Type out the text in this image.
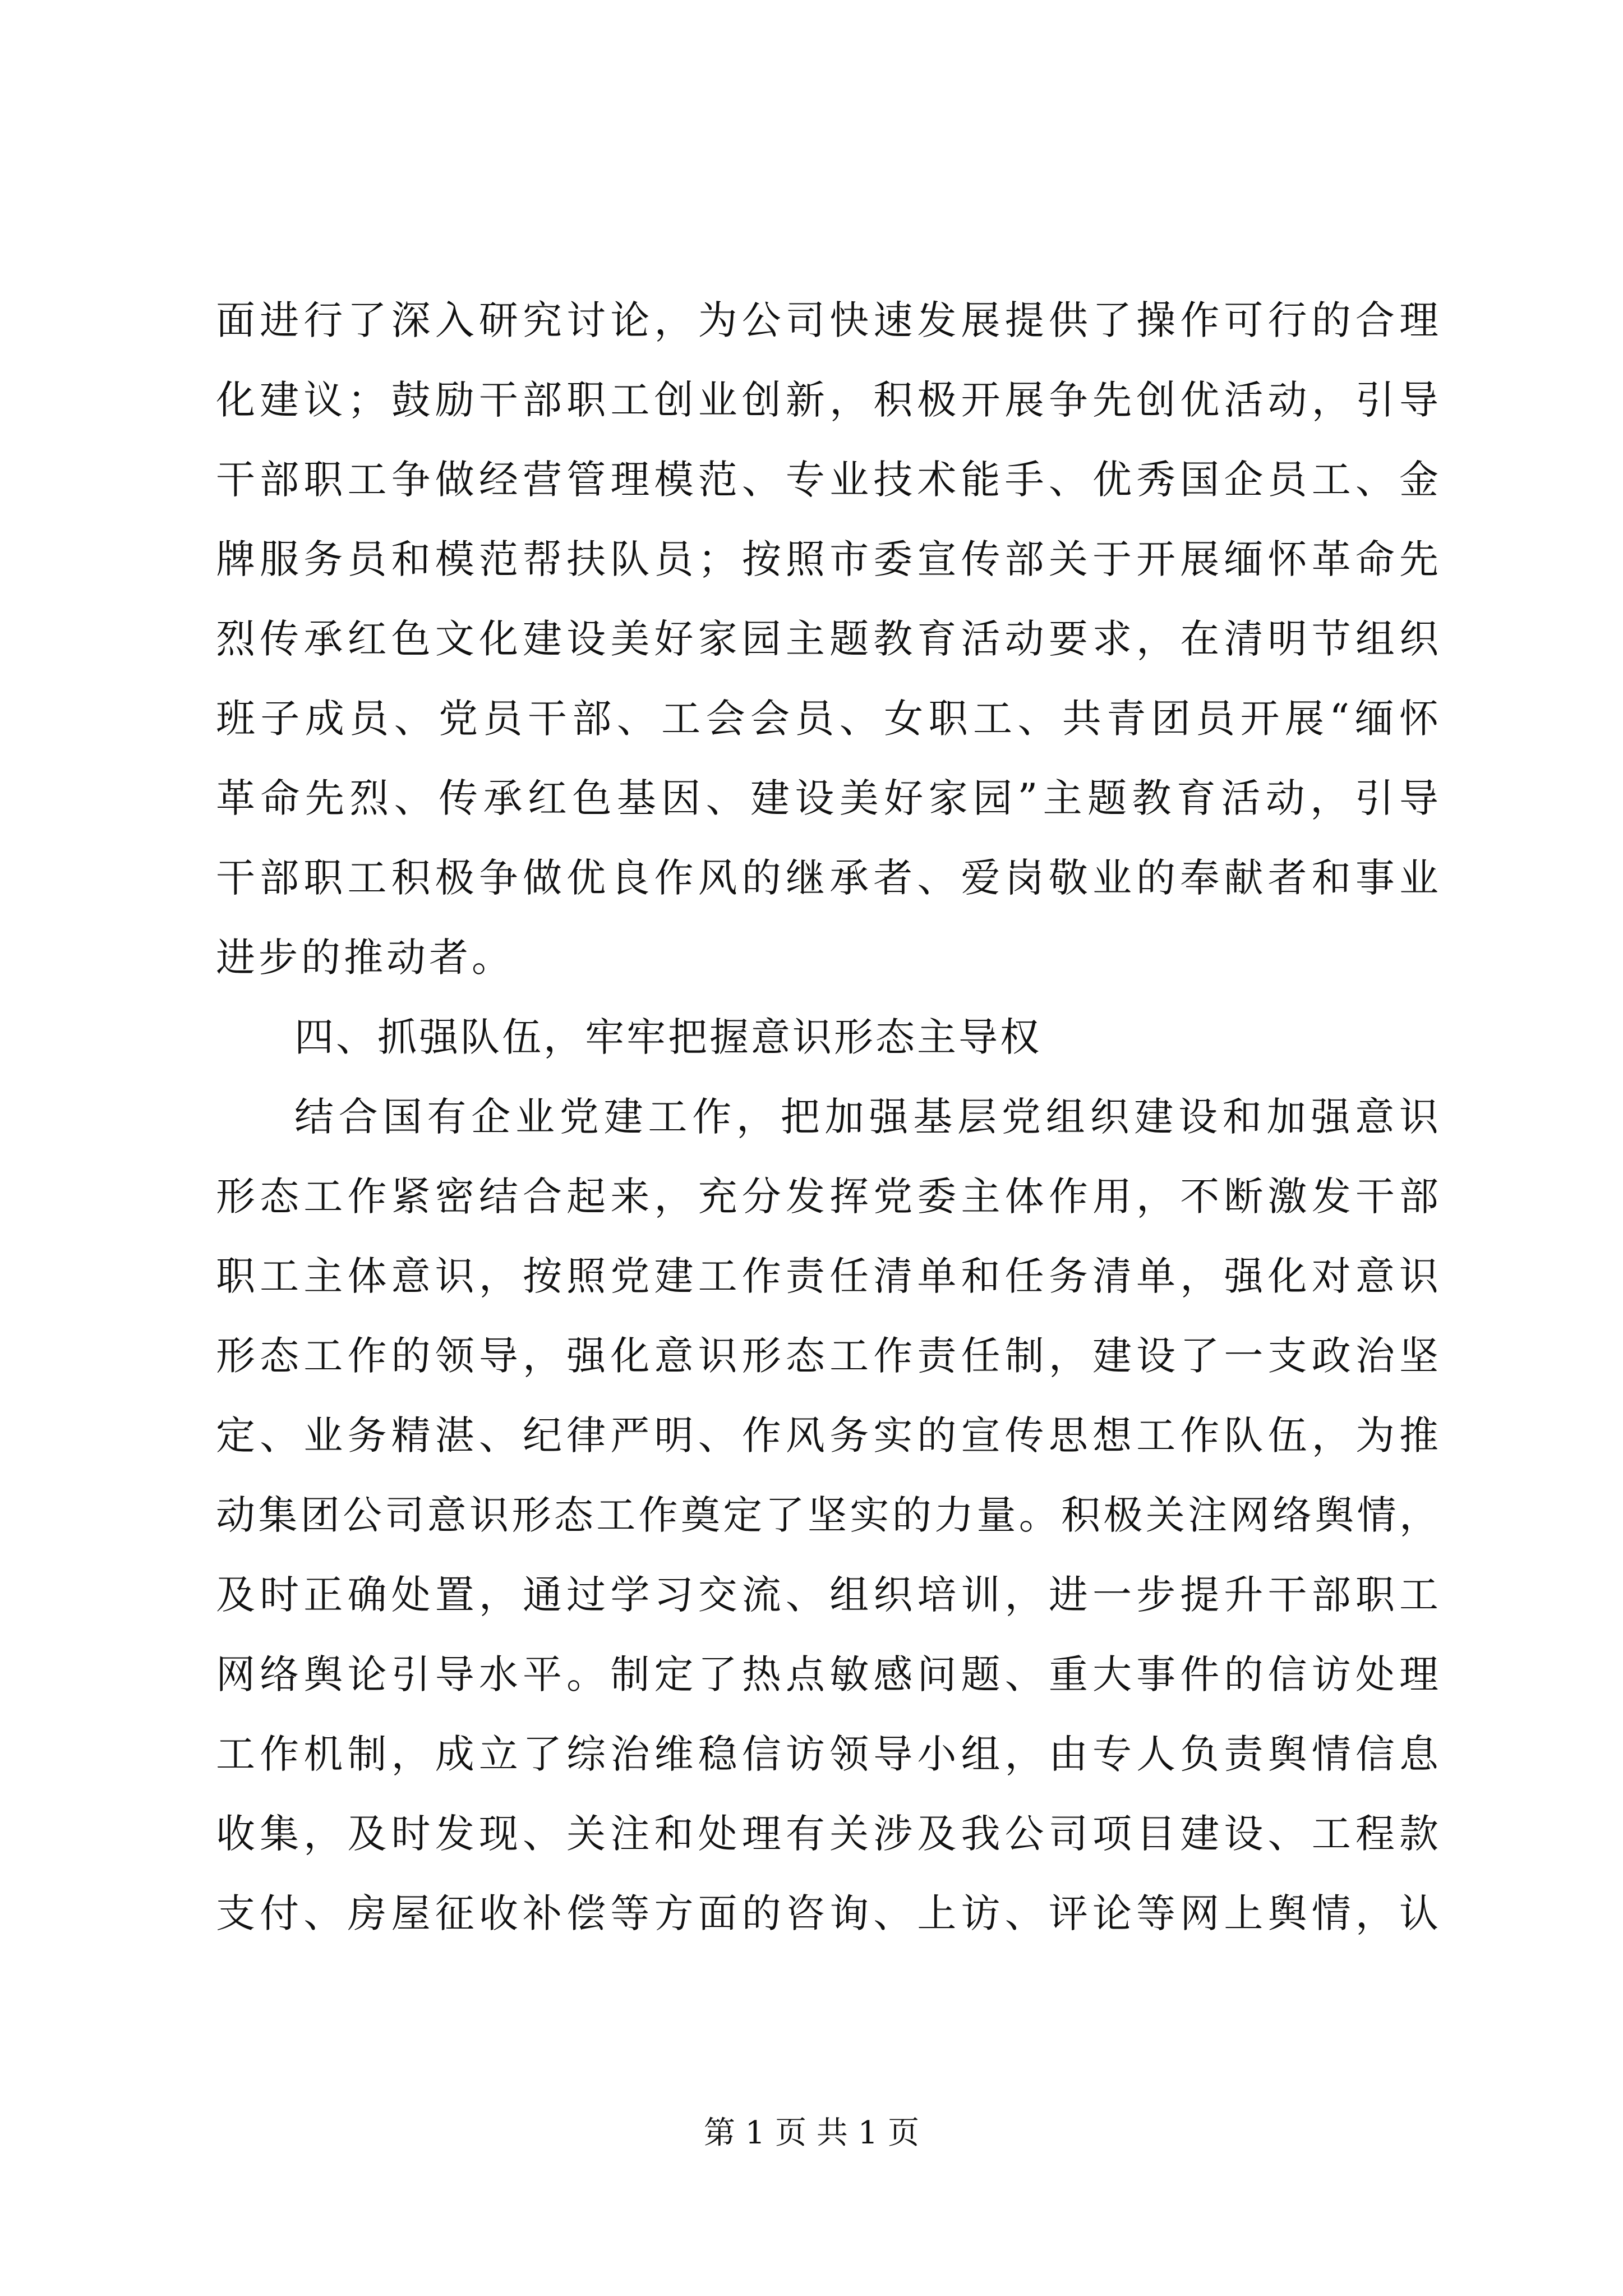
面进行了深入研究讨论，为公司快速发展提供了操作可行的合理
化建议；鼓励干部职工创业创新，积极开展争先创优活动，引导
干部职工争做经营管理模范、专业技术能手、优秀国企员工、金
牌服务员和模范帮扶队员；按照市委宣传部关于开展缅怀革命先
烈传承红色文化建设美好家园主题教育活动要求，在清明节组织
班子成员、党员干部、工会会员、女职工、共青团员开展“缅怀
革命先烈、传承红色基因、建设美好家园”主题教育活动，引导
干部职工积极争做优良作风的继承者、爱岗敬业的奉献者和事业
进步的推动者。
四、抓强队伍，牢牢把握意识形态主导权
结合国有企业党建工作，把加强基层党组织建设和加强意识
形态工作紧密结合起来，充分发挥党委主体作用，不断激发干部
职工主体意识，按照党建工作责任清单和任务清单，强化对意识
形态工作的领导，强化意识形态工作责任制，建设了一支政治坚
定、业务精湛、纪律严明、作风务实的宣传思想工作队伍，为推
动集团公司意识形态工作奠定了坚实的力量。积极关注网络舆情，
及时正确处置，通过学习交流、组织培训，进一步提升干部职工
网络舆论引导水平。制定了热点敏感问题、重大事件的信访处理
工作机制，成立了综治维稳信访领导小组，由专人负责舆情信息
收集，及时发现、关注和处理有关涉及我公司项目建设、工程款
支付、房屋征收补偿等方面的咨询、上访、评论等网上舆情，认
第 1 页 共 1 页
